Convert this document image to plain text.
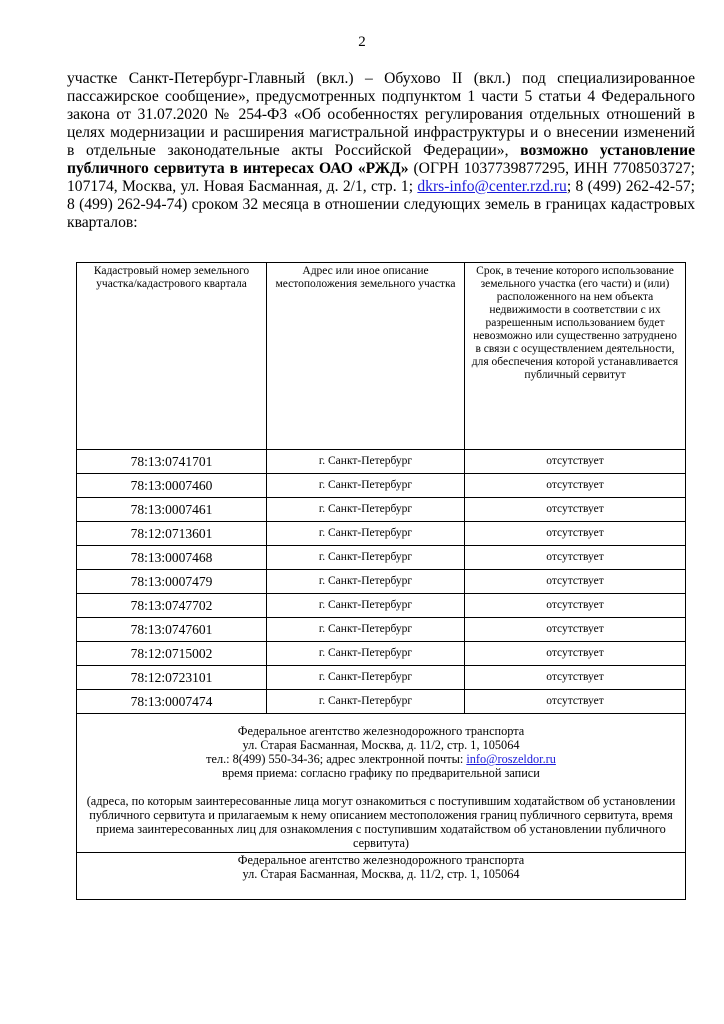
2
участке Санкт-Петербург-Главный (вкл.) – Обухово II (вкл.) под специализированное пассажирское сообщение», предусмотренных подпунктом 1 части 5 статьи 4 Федерального закона от 31.07.2020 № 254-ФЗ «Об особенностях регулирования отдельных отношений в целях модернизации и расширения магистральной инфраструктуры и о внесении изменений в отдельные законодательные акты Российской Федерации», возможно установление публичного сервитута в интересах ОАО «РЖД» (ОГРН 1037739877295, ИНН 7708503727; 107174, Москва, ул. Новая Басманная, д. 2/1, стр. 1; dkrs-info@center.rzd.ru; 8 (499) 262-42-57; 8 (499) 262-94-74) сроком 32 месяца в отношении следующих земель в границах кадастровых кварталов:
Кадастровый номер земельного участка/кадастрового квартала	Адрес или иное описание местоположения земельного участка	Срок, в течение которого использование земельного участка (его части) и (или) расположенного на нем объекта недвижимости в соответствии с их разрешенным использованием будет невозможно или существенно затруднено в связи с осуществлением деятельности, для обеспечения которой устанавливается публичный сервитут
78:13:0741701	г. Санкт-Петербург	отсутствует
78:13:0007460	г. Санкт-Петербург	отсутствует
78:13:0007461	г. Санкт-Петербург	отсутствует
78:12:0713601	г. Санкт-Петербург	отсутствует
78:13:0007468	г. Санкт-Петербург	отсутствует
78:13:0007479	г. Санкт-Петербург	отсутствует
78:13:0747702	г. Санкт-Петербург	отсутствует
78:13:0747601	г. Санкт-Петербург	отсутствует
78:12:0715002	г. Санкт-Петербург	отсутствует
78:12:0723101	г. Санкт-Петербург	отсутствует
78:13:0007474	г. Санкт-Петербург	отсутствует

Федеральное агентство железнодорожного транспорта
ул. Старая Басманная, Москва, д. 11/2, стр. 1, 105064
тел.: 8(499) 550-34-36; адрес электронной почты: info@roszeldor.ru
время приема: согласно графику по предварительной записи
(адреса, по которым заинтересованные лица могут ознакомиться с поступившим ходатайством об установлении публичного сервитута и прилагаемым к нему описанием местоположения границ публичного сервитута, время приема заинтересованных лиц для ознакомления с поступившим ходатайством об установлении публичного сервитута)		

Федеральное агентство железнодорожного транспорта
ул. Старая Басманная, Москва, д. 11/2, стр. 1, 105064		
